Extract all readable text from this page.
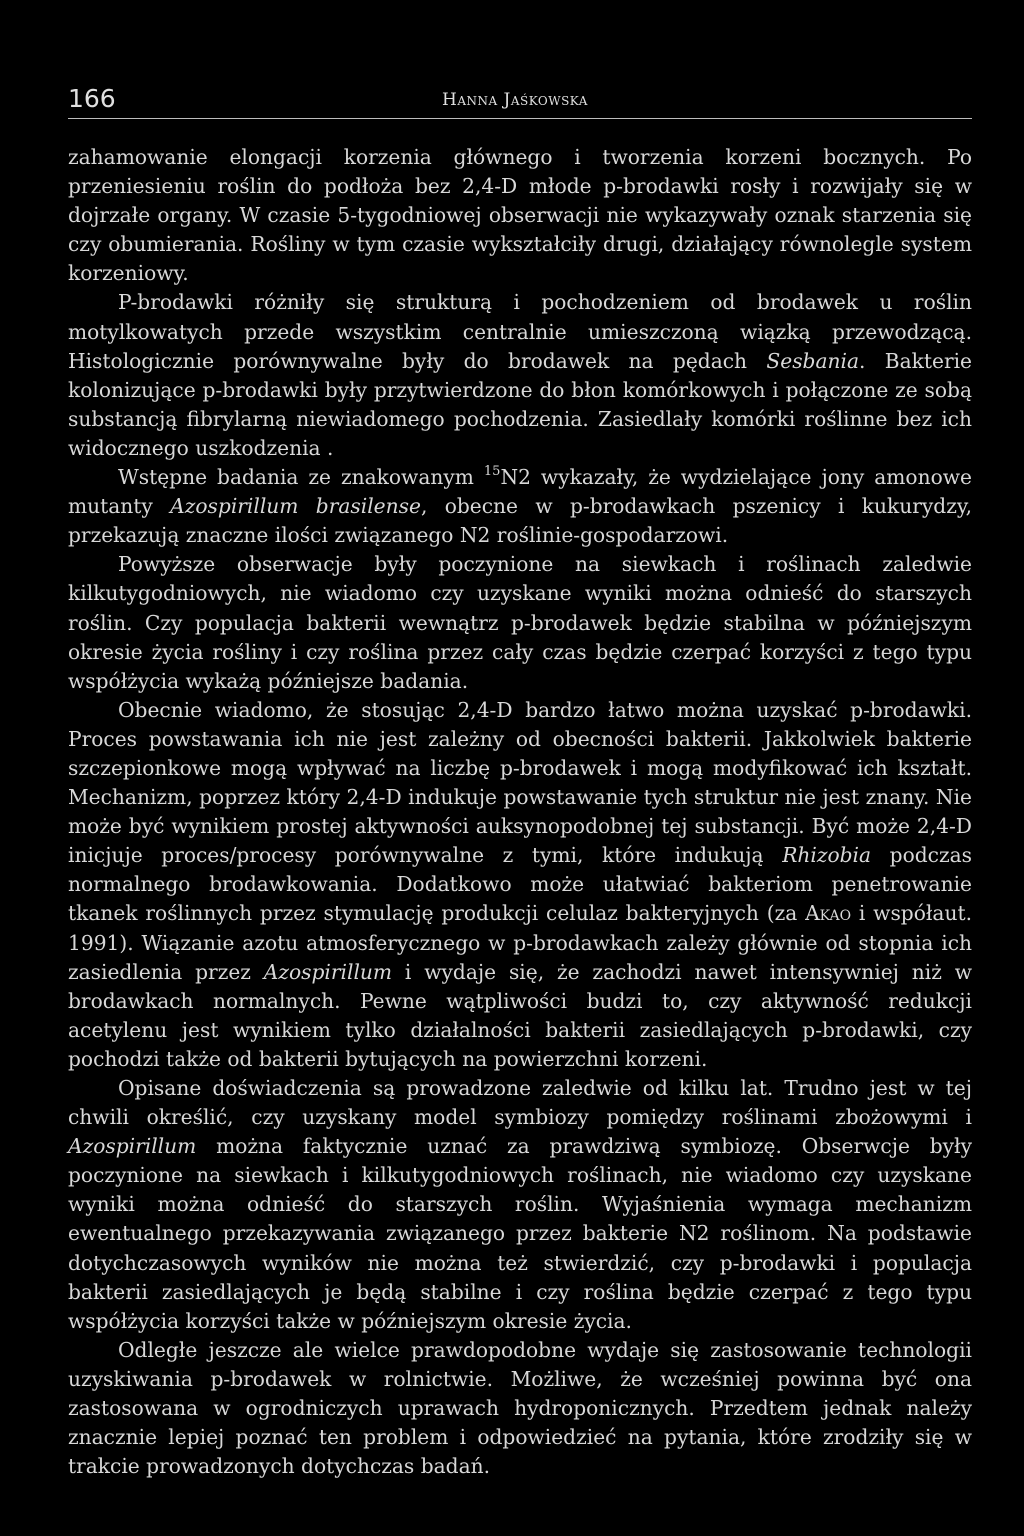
166	Hanna Jaśkowska

zahamowanie elongacji korzenia głównego i tworzenia korzeni bocznych. Po przeniesieniu roślin do podłoża bez 2,4-D młode p-brodawki rosły i rozwijały się w dojrzałe organy. W czasie 5-tygodniowej obserwacji nie wykazywały oznak starzenia się czy obumierania. Rośliny w tym czasie wykształciły drugi, działający równolegle system korzeniowy.

P-brodawki różniły się strukturą i pochodzeniem od brodawek u roślin motylkowatych przede wszystkim centralnie umieszczoną wiązką przewodzącą. Histologicznie porównywalne były do brodawek na pędach Sesbania. Bakterie kolonizujące p-brodawki były przytwierdzone do błon komórkowych i połączone ze sobą substancją fibrylarną niewiadomego pochodzenia. Zasiedlały komórki roślinne bez ich widocznego uszkodzenia .

Wstępne badania ze znakowanym $^{15}$N2 wykazały, że wydzielające jony amonowe mutanty Azospirillum brasilense, obecne w p-brodawkach pszenicy i kukurydzy, przekazują znaczne ilości związanego N2 roślinie-gospodarzowi.

Powyższe obserwacje były poczynione na siewkach i roślinach zaledwie kilkutygodniowych, nie wiadomo czy uzyskane wyniki można odnieść do starszych roślin. Czy populacja bakterii wewnątrz p-brodawek będzie stabilna w późniejszym okresie życia rośliny i czy roślina przez cały czas będzie czerpać korzyści z tego typu współżycia wykażą późniejsze badania.

Obecnie wiadomo, że stosując 2,4-D bardzo łatwo można uzyskać p-brodawki. Proces powstawania ich nie jest zależny od obecności bakterii. Jakkolwiek bakterie szczepionkowe mogą wpływać na liczbę p-brodawek i mogą modyfikować ich kształt. Mechanizm, poprzez który 2,4-D indukuje powstawanie tych struktur nie jest znany. Nie może być wynikiem prostej aktywności auksynopodobnej tej substancji. Być może 2,4-D inicjuje proces/procesy porównywalne z tymi, które indukują Rhizobia podczas normalnego brodawkowania. Dodatkowo może ułatwiać bakteriom penetrowanie tkanek roślinnych przez stymulację produkcji celulaz bakteryjnych (za Akao i współaut. 1991). Wiązanie azotu atmosferycznego w p-brodawkach zależy głównie od stopnia ich zasiedlenia przez Azospirillum i wydaje się, że zachodzi nawet intensywniej niż w brodawkach normalnych. Pewne wątpliwości budzi to, czy aktywność redukcji acetylenu jest wynikiem tylko działalności bakterii zasiedlających p-brodawki, czy pochodzi także od bakterii bytujących na powierzchni korzeni.

Opisane doświadczenia są prowadzone zaledwie od kilku lat. Trudno jest w tej chwili określić, czy uzyskany model symbiozy pomiędzy roślinami zbożowymi i Azospirillum można faktycznie uznać za prawdziwą symbiozę. Obserwcje były poczynione na siewkach i kilkutygodniowych roślinach, nie wiadomo czy uzyskane wyniki można odnieść do starszych roślin. Wyjaśnienia wymaga mechanizm ewentualnego przekazywania związanego przez bakterie N2 roślinom. Na podstawie dotychczasowych wyników nie można też stwierdzić, czy p-brodawki i populacja bakterii zasiedlających je będą stabilne i czy roślina będzie czerpać z tego typu współżycia korzyści także w późniejszym okresie życia.

Odległe jeszcze ale wielce prawdopodobne wydaje się zastosowanie technologii uzyskiwania p-brodawek w rolnictwie. Możliwe, że wcześniej powinna być ona zastosowana w ogrodniczych uprawach hydroponicznych. Przedtem jednak należy znacznie lepiej poznać ten problem i odpowiedzieć na pytania, które zrodziły się w trakcie prowadzonych dotychczas badań.
